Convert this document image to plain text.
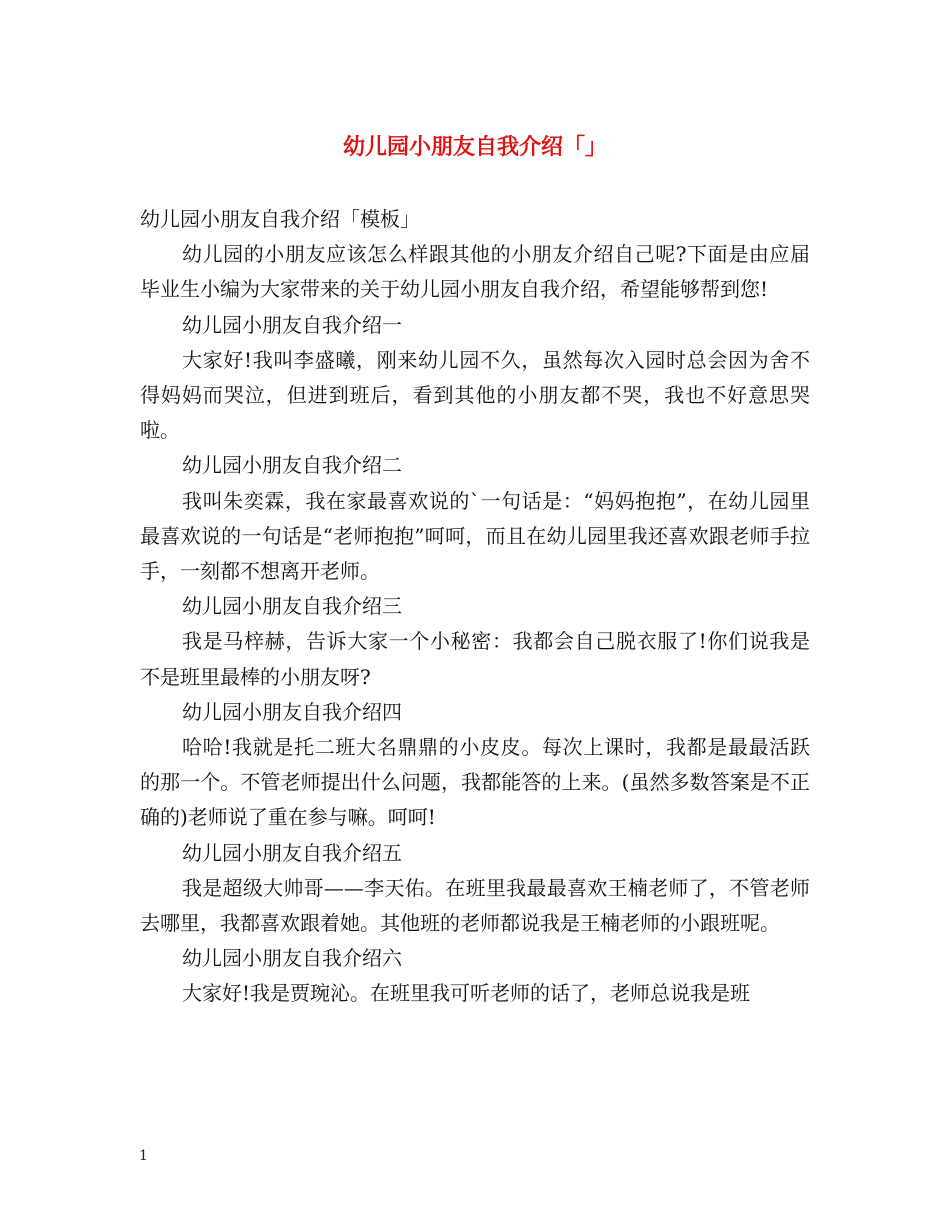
幼儿园小朋友自我介绍「」

幼儿园小朋友自我介绍「模板」

幼儿园的小朋友应该怎么样跟其他的小朋友介绍自己呢?下面是由应届毕业生小编为大家带来的关于幼儿园小朋友自我介绍，希望能够帮到您!

幼儿园小朋友自我介绍一

大家好!我叫李盛曦，刚来幼儿园不久，虽然每次入园时总会因为舍不得妈妈而哭泣，但进到班后，看到其他的小朋友都不哭，我也不好意思哭啦。

幼儿园小朋友自我介绍二

我叫朱奕霖，我在家最喜欢说的`一句话是：“妈妈抱抱”，在幼儿园里最喜欢说的一句话是“老师抱抱”呵呵，而且在幼儿园里我还喜欢跟老师手拉手，一刻都不想离开老师。

幼儿园小朋友自我介绍三

我是马梓赫，告诉大家一个小秘密：我都会自己脱衣服了!你们说我是不是班里最棒的小朋友呀?

幼儿园小朋友自我介绍四

哈哈!我就是托二班大名鼎鼎的小皮皮。每次上课时，我都是最最活跃的那一个。不管老师提出什么问题，我都能答的上来。(虽然多数答案是不正确的)老师说了重在参与嘛。呵呵!

幼儿园小朋友自我介绍五

我是超级大帅哥——李天佑。在班里我最最喜欢王楠老师了，不管老师去哪里，我都喜欢跟着她。其他班的老师都说我是王楠老师的小跟班呢。

幼儿园小朋友自我介绍六

大家好!我是贾琬沁。在班里我可听老师的话了，老师总说我是班

1
